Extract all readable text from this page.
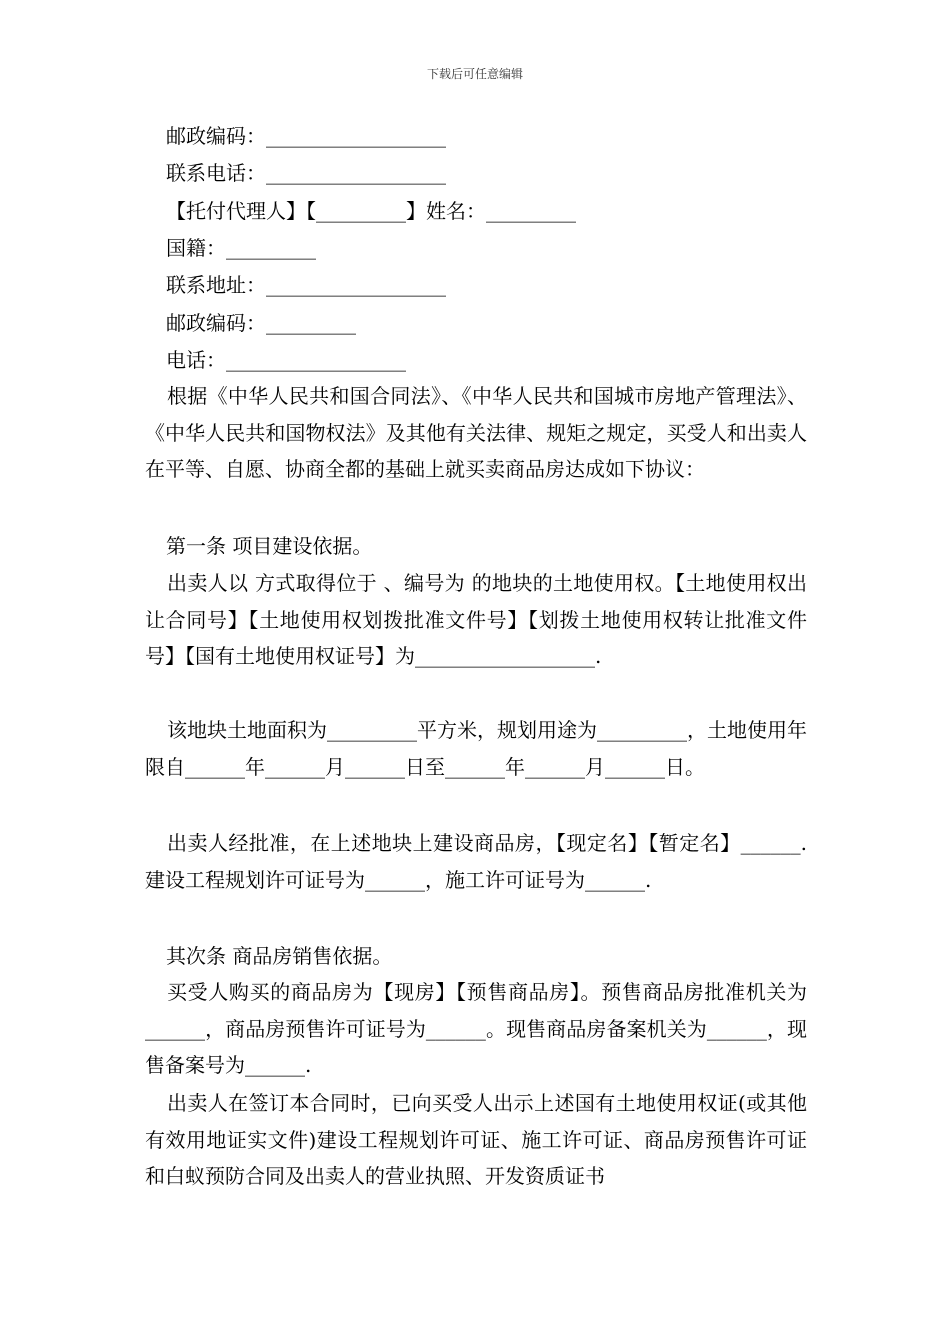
下载后可任意编辑
邮政编码：__________________
联系电话：__________________
【托付代理人】【_________】姓名：_________
国籍：_________
联系地址：__________________
邮政编码：_________
电话：__________________
根据《中华人民共和国合同法》、《中华人民共和国城市房地产管理法》、《中华人民共和国物权法》及其他有关法律、规矩之规定，买受人和出卖人在平等、自愿、协商全都的基础上就买卖商品房达成如下协议：
第一条 项目建设依据。
出卖人以 方式取得位于 、编号为 的地块的土地使用权。【土地使用权出让合同号】【土地使用权划拨批准文件号】【划拨土地使用权转让批准文件号】【国有土地使用权证号】为__________________.
该地块土地面积为_________平方米，规划用途为_________，土地使用年限自______年______月______日至______年______月______日。
出卖人经批准，在上述地块上建设商品房，【现定名】【暂定名】______.建设工程规划许可证号为______，施工许可证号为______.
其次条 商品房销售依据。
买受人购买的商品房为【现房】【预售商品房】。预售商品房批准机关为______，商品房预售许可证号为______。现售商品房备案机关为______，现售备案号为______.
出卖人在签订本合同时，已向买受人出示上述国有土地使用权证(或其他有效用地证实文件)建设工程规划许可证、施工许可证、商品房预售许可证和白蚁预防合同及出卖人的营业执照、开发资质证书
